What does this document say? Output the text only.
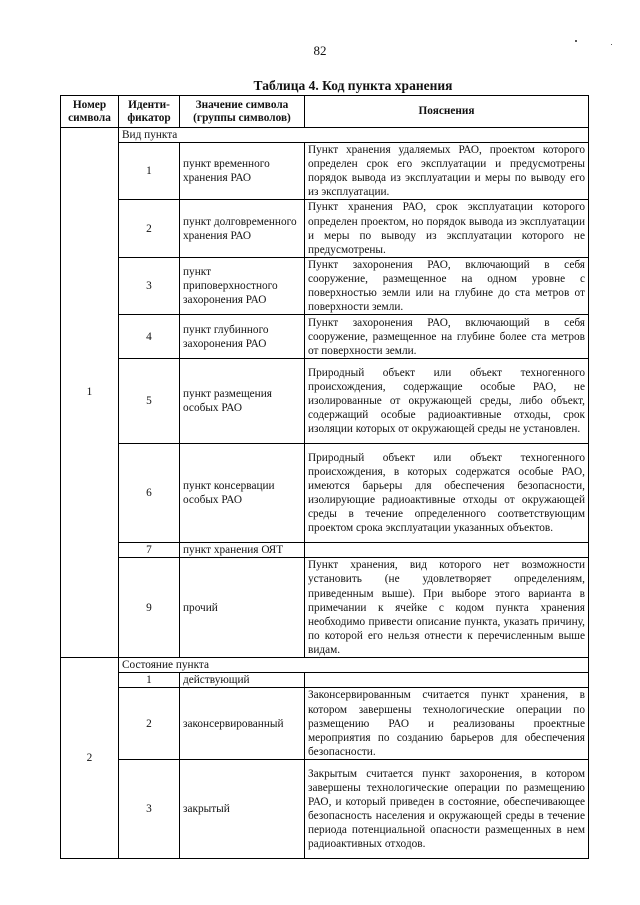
82
Таблица 4. Код пункта хранения
Номер символа	Иденти-фикатор	Значение символа (группы символов)	Пояснения
1	Вид пункта		
	1	пункт временного хранения РАО	Пункт хранения удаляемых РАО, проектом которого определен срок его эксплуатации и предусмотрены порядок вывода из эксплуатации и меры по выводу его из эксплуатации.
	2	пункт долговременного хранения РАО	Пункт хранения РАО, срок эксплуатации которого определен проектом, но порядок вывода из эксплуатации и меры по выводу из эксплуатации которого не предусмотрены.
	3	пункт приповерхностного захоронения РАО	Пункт захоронения РАО, включающий в себя сооружение, размещенное на одном уровне с поверхностью земли или на глубине до ста метров от поверхности земли.
	4	пункт глубинного захоронения РАО	Пункт захоронения РАО, включающий в себя сооружение, размещенное на глубине более ста метров от поверхности земли.
	5	пункт размещения особых РАО	Природный объект или объект техногенного происхождения, содержащие особые РАО, не изолированные от окружающей среды, либо объект, содержащий особые радиоактивные отходы, срок изоляции которых от окружающей среды не установлен.
	6	пункт консервации особых РАО	Природный объект или объект техногенного происхождения, в которых содержатся особые РАО, имеются барьеры для обеспечения безопасности, изолирующие радиоактивные отходы от окружающей среды в течение определенного соответствующим проектом срока эксплуатации указанных объектов.
	7	пункт хранения ОЯТ	
	9	прочий	Пункт хранения, вид которого нет возможности установить (не удовлетворяет определениям, приведенным выше). При выборе этого варианта в примечании к ячейке с кодом пункта хранения необходимо привести описание пункта, указать причину, по которой его нельзя отнести к перечисленным выше видам.
2	Состояние пункта		
	1	действующий	
	2	законсервированный	Законсервированным считается пункт хранения, в котором завершены технологические операции по размещению РАО и реализованы проектные мероприятия по созданию барьеров для обеспечения безопасности.
	3	закрытый	Закрытым считается пункт захоронения, в котором завершены технологические операции по размещению РАО, и который приведен в состояние, обеспечивающее безопасность населения и окружающей среды в течение периода потенциальной опасности размещенных в нем радиоактивных отходов.
